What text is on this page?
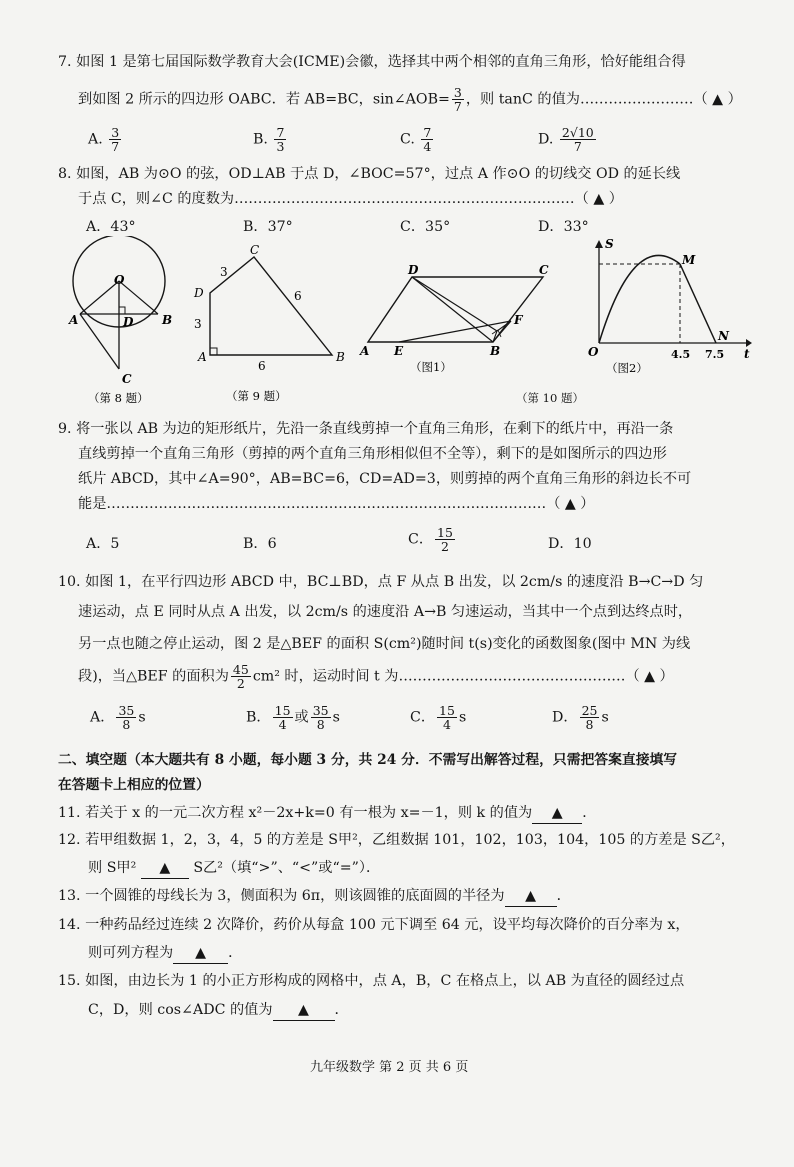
7. 如图 1 是第七届国际数学教育大会(ICME)会徽，选择其中两个相邻的直角三角形，恰好能组合得
到如图 2 所示的四边形 OABC．若 AB=BC，sin∠AOB= $\frac{3}{7}$ ，则 tanC 的值为……………………（ ▲ ）
A. $\frac{3}{7}$	B. $\frac{7}{3}$	C. $\frac{7}{4}$	D. $\frac{2√10}{7}$
8. 如图，AB 为⊙O 的弦，OD⊥AB 于点 D，∠BOC=57°，过点 A 作⊙O 的切线交 OD 的延长线
于点 C，则∠C 的度数为………………………………………………………………（ ▲ ）
A．43°	B．37°	C．35°	D．33°
O
A	D B
C
（第 8 题）
C
D
A	B
3
6
3
6
（第 9 题）
D	C
F
A E	B
（图1）
S
M
N
O	t
4.5 7.5
（图2）
（第 10 题）
9. 将一张以 AB 为边的矩形纸片，先沿一条直线剪掉一个直角三角形，在剩下的纸片中，再沿一条
直线剪掉一个直角三角形（剪掉的两个直角三角形相似但不全等），剩下的是如图所示的四边形
纸片 ABCD，其中∠A=90°，AB=BC=6，CD=AD=3，则剪掉的两个直角三角形的斜边长不可
能是…………………………………………………………………………………（ ▲ ）
A．5	B．6	C． $\frac{15}{2}$	D．10
10. 如图 1，在平行四边形 ABCD 中，BC⊥BD，点 F 从点 B 出发，以 2cm/s 的速度沿 B→C→D 匀
速运动，点 E 同时从点 A 出发，以 2cm/s 的速度沿 A→B 匀速运动，当其中一个点到达终点时，
另一点也随之停止运动，图 2 是△BEF 的面积 S(cm²)随时间 t(s)变化的函数图象(图中 MN 为线
段)，当△BEF 的面积为 $\frac{45}{2} cm^2$ 时，运动时间 t 为…………………………………………（ ▲ ）
A． $\frac{35}{8}$ s	B． $\frac{15}{4}$ 或 $\frac{35}{8}$ s	C． $\frac{15}{4}$ s	D． $\frac{25}{8}$ s
二、填空题（本大题共有 8 小题，每小题 3 分，共 24 分．不需写出解答过程，只需把答案直接填写
在答题卡上相应的位置）
11. 若关于 x 的一元二次方程 x²－2x+k=0 有一根为 x=－1，则 k 的值为 ▲ ．
12. 若甲组数据 1，2，3，4，5 的方差是 S甲²，乙组数据 101，102，103，104，105 的方差是 S乙²，
则 S甲² ▲ S乙²（填“>”、“<”或“=”）．
13. 一个圆锥的母线长为 3，侧面积为 6π，则该圆锥的底面圆的半径为 ▲ ．
14. 一种药品经过连续 2 次降价，药价从每盒 100 元下调至 64 元，设平均每次降价的百分率为 x，
则可列方程为 ▲ ．
15. 如图，由边长为 1 的小正方形构成的网格中，点 A，B，C 在格点上，以 AB 为直径的圆经过点
C，D，则 cos∠ADC 的值为 ▲ ．
九年级数学 第 2 页 共 6 页
